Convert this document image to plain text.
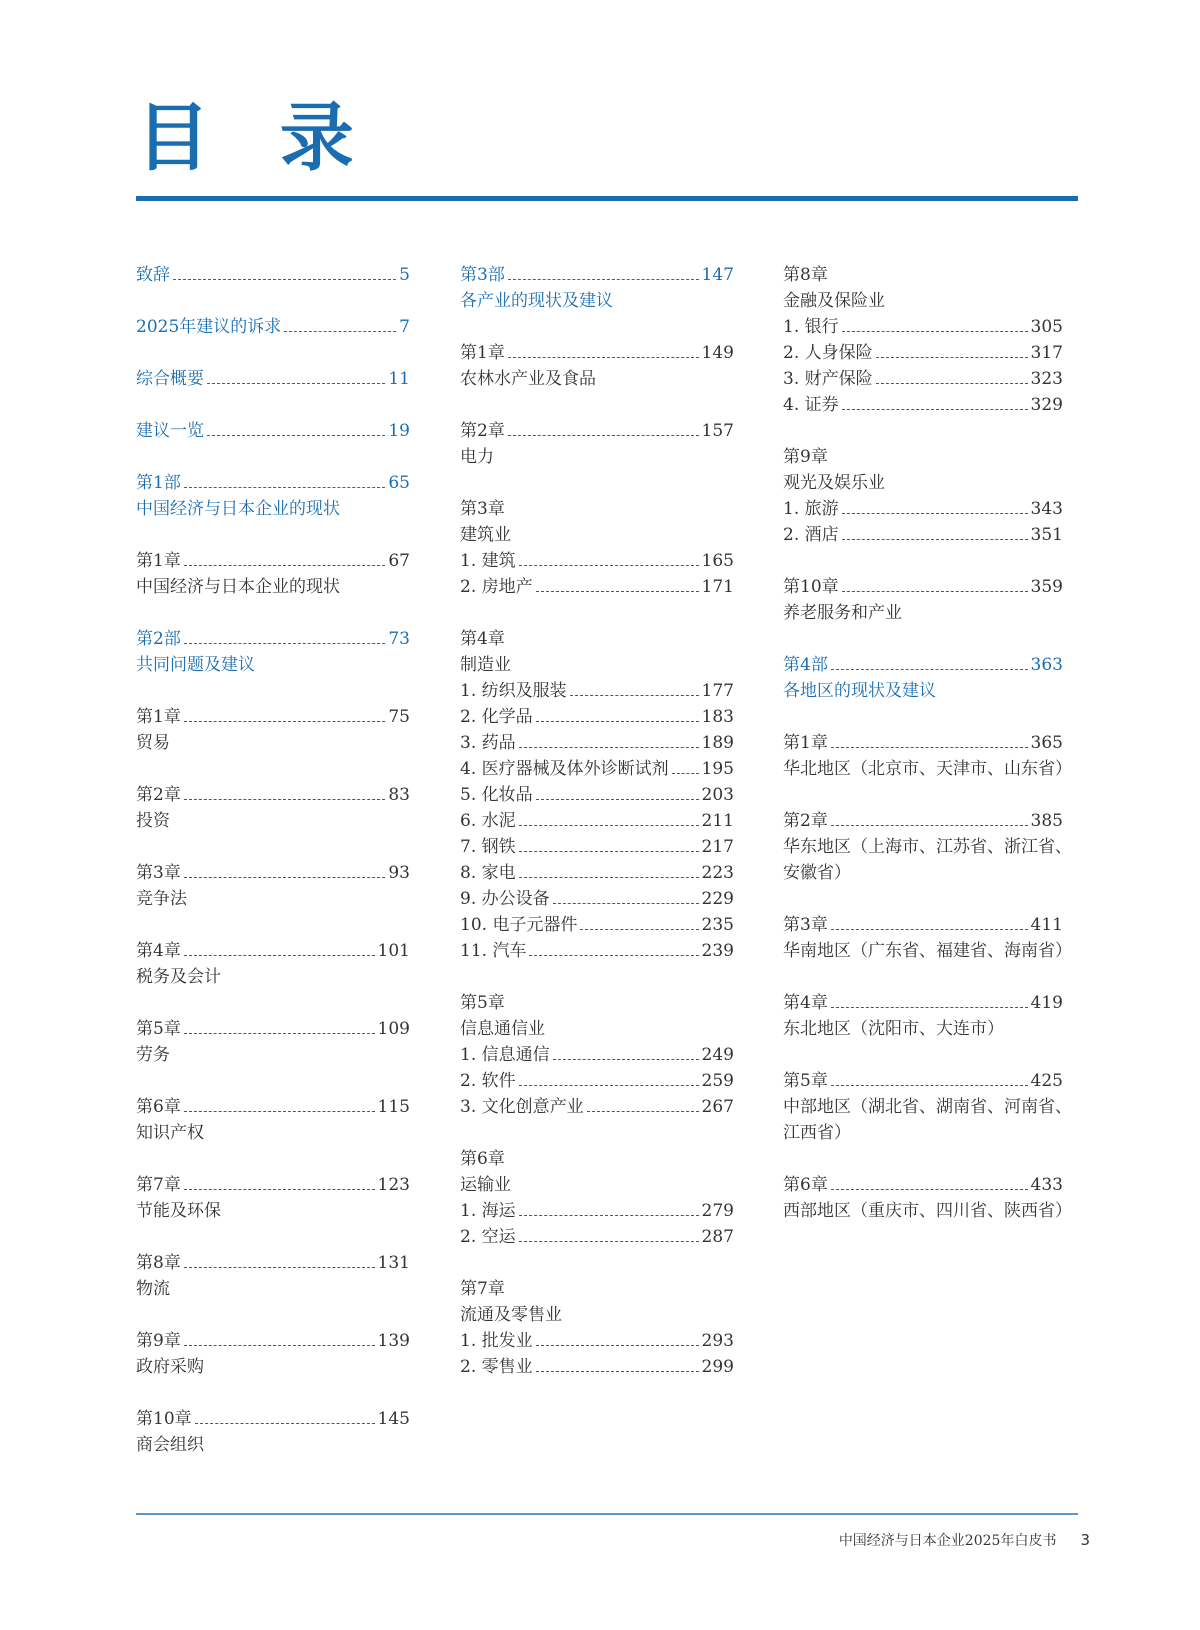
目 录
致辞	5
2025年建议的诉求	7
综合概要	11
建议一览	19
第1部	65
中国经济与日本企业的现状
第1章	67
中国经济与日本企业的现状
第2部	73
共同问题及建议
第1章	75
贸易
第2章	83
投资
第3章	93
竞争法
第4章	101
税务及会计
第5章	109
劳务
第6章	115
知识产权
第7章	123
节能及环保
第8章	131
物流
第9章	139
政府采购
第10章	145
商会组织
第3部	147
各产业的现状及建议
第1章	149
农林水产业及食品
第2章	157
电力
第3章
建筑业
1. 建筑	165
2. 房地产	171
第4章
制造业
1. 纺织及服装	177
2. 化学品	183
3. 药品	189
4. 医疗器械及体外诊断试剂 195
5. 化妆品	203
6. 水泥	211
7. 钢铁	217
8. 家电	223
9. 办公设备	229
10. 电子元器件	235
11. 汽车	239
第5章
信息通信业
1. 信息通信	249
2. 软件	259
3. 文化创意产业	267
第6章
运输业
1. 海运	279
2. 空运	287
第7章
流通及零售业
1. 批发业	293
2. 零售业	299
第8章
金融及保险业
1. 银行	305
2. 人身保险	317
3. 财产保险	323
4. 证券	329
第9章
观光及娱乐业
1. 旅游	343
2. 酒店	351
第10章	359
养老服务和产业
第4部	363
各地区的现状及建议
第1章	365
华北地区（北京市、天津市、山东省）
第2章	385
华东地区（上海市、江苏省、浙江省、
安徽省）
第3章	411
华南地区（广东省、福建省、海南省）
第4章	419
东北地区（沈阳市、大连市）
第5章	425
中部地区（湖北省、湖南省、河南省、
江西省）
第6章	433
西部地区（重庆市、四川省、陕西省）
中国经济与日本企业2025年白皮书 3
